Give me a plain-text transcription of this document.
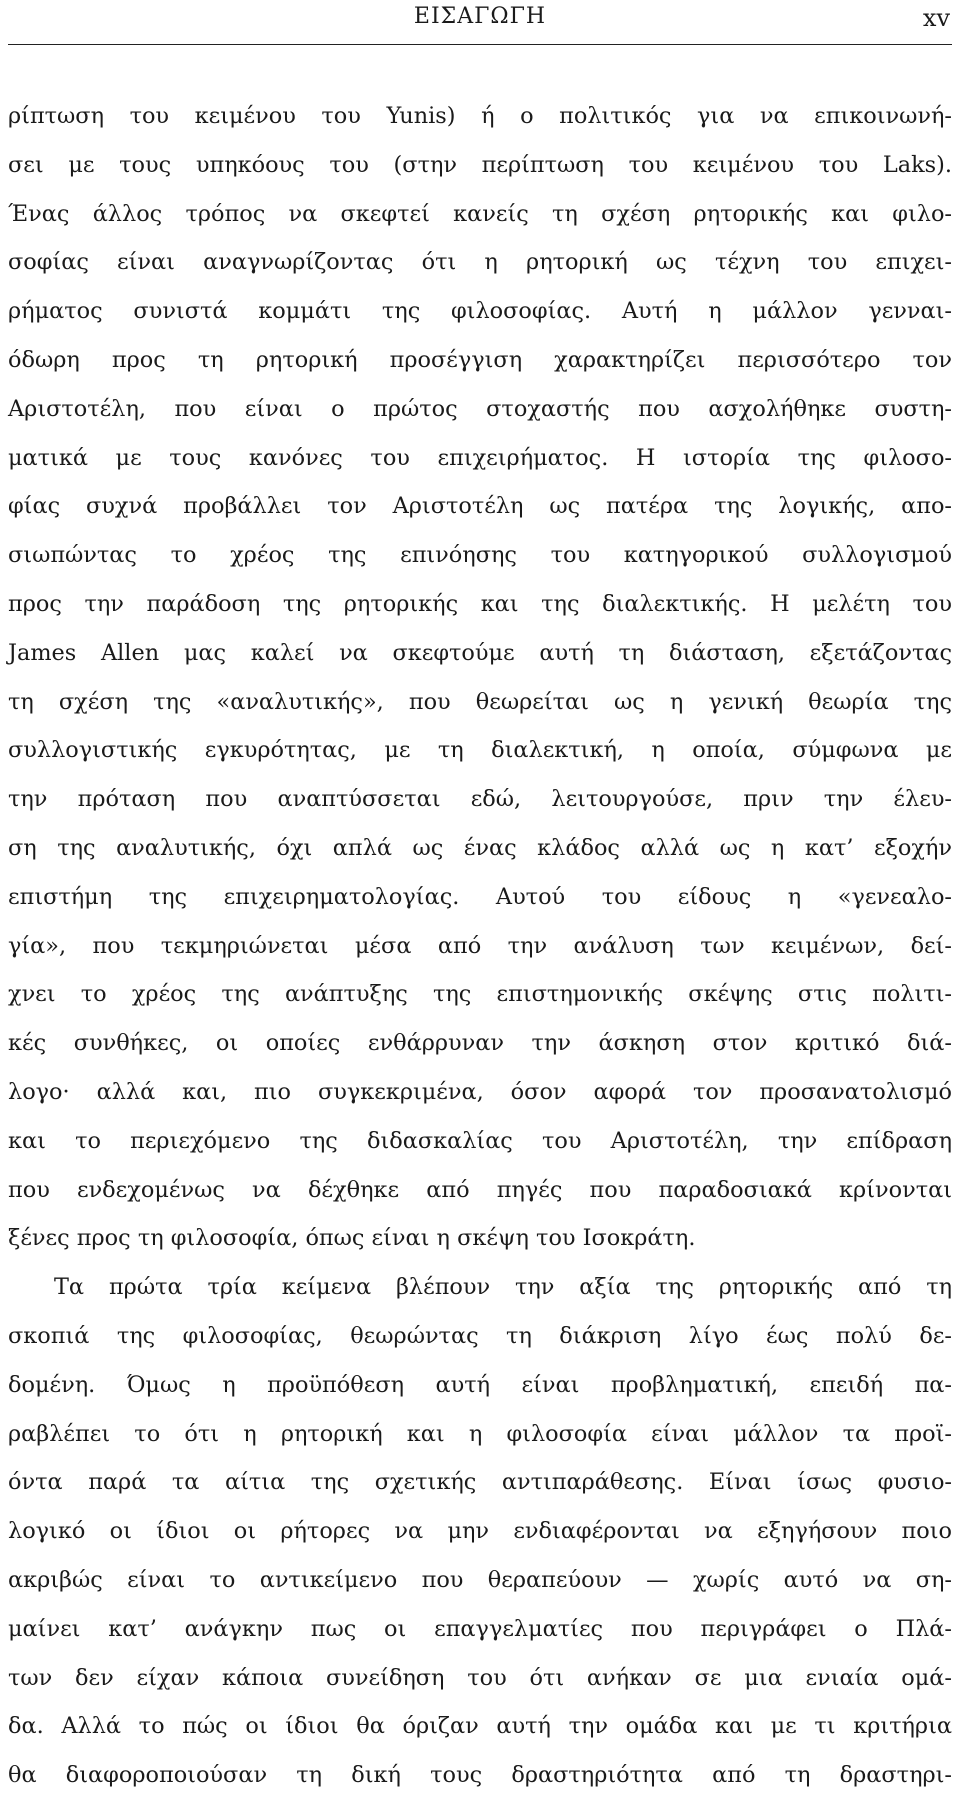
ΕΙΣΑΓΩΓΗ	xv
ρίπτωση του κειμένου του Yunis) ή ο πολιτικός για να επικοινωνή-
σει με τους υπηκόους του (στην περίπτωση του κειμένου του Laks).
Ένας άλλος τρόπος να σκεφτεί κανείς τη σχέση ρητορικής και φιλο-
σοφίας είναι αναγνωρίζοντας ότι η ρητορική ως τέχνη του επιχει-
ρήματος συνιστά κομμάτι της φιλοσοφίας. Αυτή η μάλλον γενναι-
όδωρη προς τη ρητορική προσέγγιση χαρακτηρίζει περισσότερο τον
Αριστοτέλη, που είναι ο πρώτος στοχαστής που ασχολήθηκε συστη-
ματικά με τους κανόνες του επιχειρήματος. Η ιστορία της φιλοσο-
φίας συχνά προβάλλει τον Αριστοτέλη ως πατέρα της λογικής, απο-
σιωπώντας το χρέος της επινόησης του κατηγορικού συλλογισμού
προς την παράδοση της ρητορικής και της διαλεκτικής. Η μελέτη του
James Allen μας καλεί να σκεφτούμε αυτή τη διάσταση, εξετάζοντας
τη σχέση της «αναλυτικής», που θεωρείται ως η γενική θεωρία της
συλλογιστικής εγκυρότητας, με τη διαλεκτική, η οποία, σύμφωνα με
την πρόταση που αναπτύσσεται εδώ, λειτουργούσε, πριν την έλευ-
ση της αναλυτικής, όχι απλά ως ένας κλάδος αλλά ως η κατ’ εξοχήν
επιστήμη της επιχειρηματολογίας. Αυτού του είδους η «γενεαλο-
γία», που τεκμηριώνεται μέσα από την ανάλυση των κειμένων, δεί-
χνει το χρέος της ανάπτυξης της επιστημονικής σκέψης στις πολιτι-
κές συνθήκες, οι οποίες ενθάρρυναν την άσκηση στον κριτικό διά-
λογο· αλλά και, πιο συγκεκριμένα, όσον αφορά τον προσανατολισμό
και το περιεχόμενο της διδασκαλίας του Αριστοτέλη, την επίδραση
που ενδεχομένως να δέχθηκε από πηγές που παραδοσιακά κρίνονται
ξένες προς τη φιλοσοφία, όπως είναι η σκέψη του Ισοκράτη.
Τα πρώτα τρία κείμενα βλέπουν την αξία της ρητορικής από τη
σκοπιά της φιλοσοφίας, θεωρώντας τη διάκριση λίγο έως πολύ δε-
δομένη. Όμως η προϋπόθεση αυτή είναι προβληματική, επειδή πα-
ραβλέπει το ότι η ρητορική και η φιλοσοφία είναι μάλλον τα προϊ-
όντα παρά τα αίτια της σχετικής αντιπαράθεσης. Είναι ίσως φυσιο-
λογικό οι ίδιοι οι ρήτορες να μην ενδιαφέρονται να εξηγήσουν ποιο
ακριβώς είναι το αντικείμενο που θεραπεύουν — χωρίς αυτό να ση-
μαίνει κατ’ ανάγκην πως οι επαγγελματίες που περιγράφει ο Πλά-
των δεν είχαν κάποια συνείδηση του ότι ανήκαν σε μια ενιαία ομά-
δα. Αλλά το πώς οι ίδιοι θα όριζαν αυτή την ομάδα και με τι κριτήρια
θα διαφοροποιούσαν τη δική τους δραστηριότητα από τη δραστηρι-
